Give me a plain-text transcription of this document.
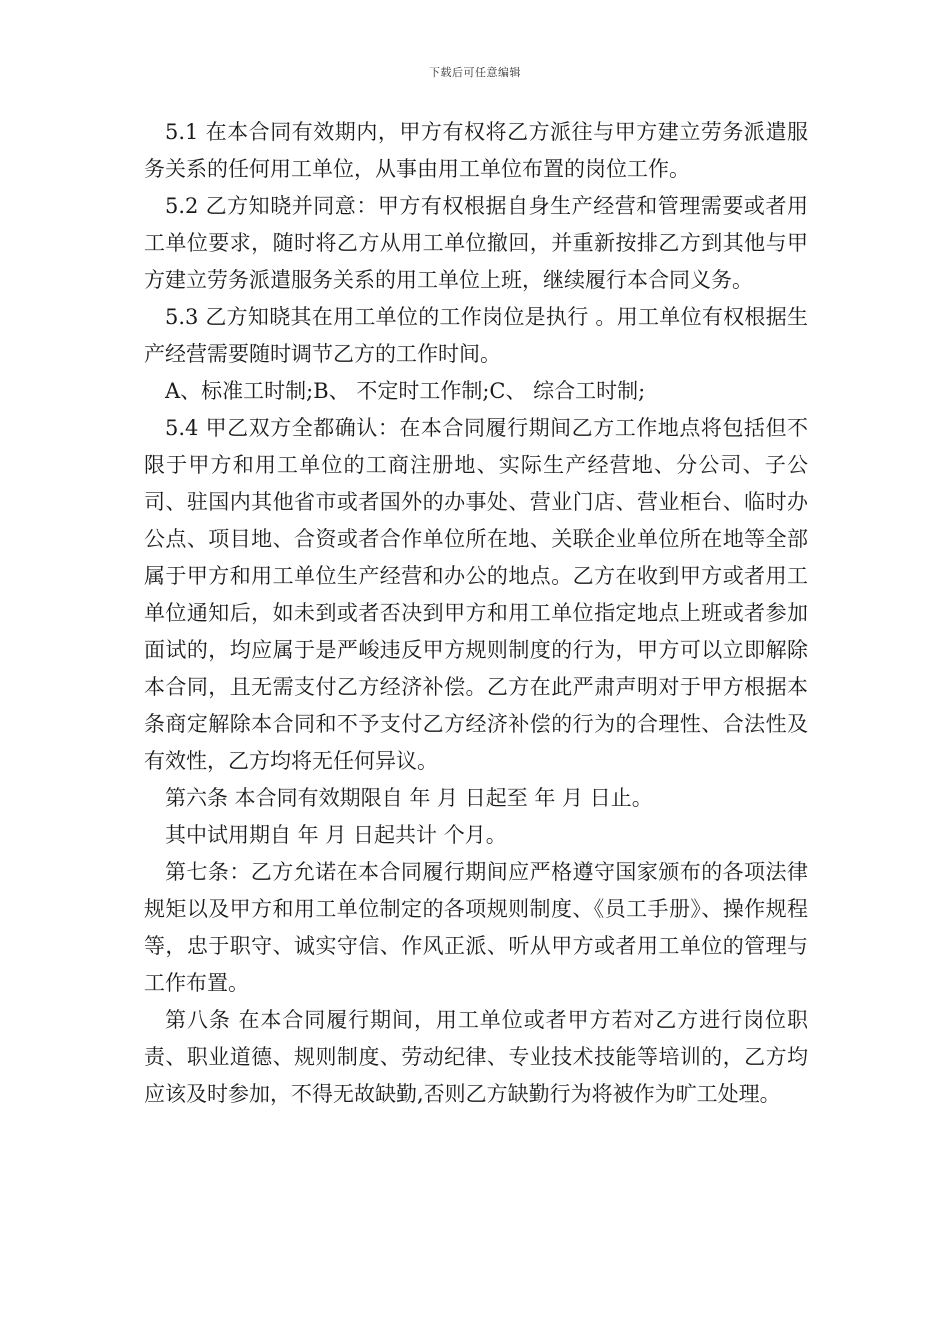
下载后可任意编辑

5.1 在本合同有效期内，甲方有权将乙方派往与甲方建立劳务派遣服务关系的任何用工单位，从事由用工单位布置的岗位工作。

5.2 乙方知晓并同意：甲方有权根据自身生产经营和管理需要或者用工单位要求，随时将乙方从用工单位撤回，并重新按排乙方到其他与甲方建立劳务派遣服务关系的用工单位上班，继续履行本合同义务。

5.3 乙方知晓其在用工单位的工作岗位是执行 。用工单位有权根据生产经营需要随时调节乙方的工作时间。

A、标准工时制;B、 不定时工作制;C、 综合工时制;

5.4 甲乙双方全都确认：在本合同履行期间乙方工作地点将包括但不限于甲方和用工单位的工商注册地、实际生产经营地、分公司、子公司、驻国内其他省市或者国外的办事处、营业门店、营业柜台、临时办公点、项目地、合资或者合作单位所在地、关联企业单位所在地等全部属于甲方和用工单位生产经营和办公的地点。乙方在收到甲方或者用工单位通知后，如未到或者否决到甲方和用工单位指定地点上班或者参加面试的，均应属于是严峻违反甲方规则制度的行为，甲方可以立即解除本合同，且无需支付乙方经济补偿。乙方在此严肃声明对于甲方根据本条商定解除本合同和不予支付乙方经济补偿的行为的合理性、合法性及有效性，乙方均将无任何异议。

第六条 本合同有效期限自 年 月 日起至 年 月 日止。

其中试用期自 年 月 日起共计 个月。

第七条：乙方允诺在本合同履行期间应严格遵守国家颁布的各项法律规矩以及甲方和用工单位制定的各项规则制度、《员工手册》、操作规程等，忠于职守、诚实守信、作风正派、听从甲方或者用工单位的管理与工作布置。

第八条 在本合同履行期间，用工单位或者甲方若对乙方进行岗位职责、职业道德、规则制度、劳动纪律、专业技术技能等培训的，乙方均应该及时参加，不得无故缺勤,否则乙方缺勤行为将被作为旷工处理。
